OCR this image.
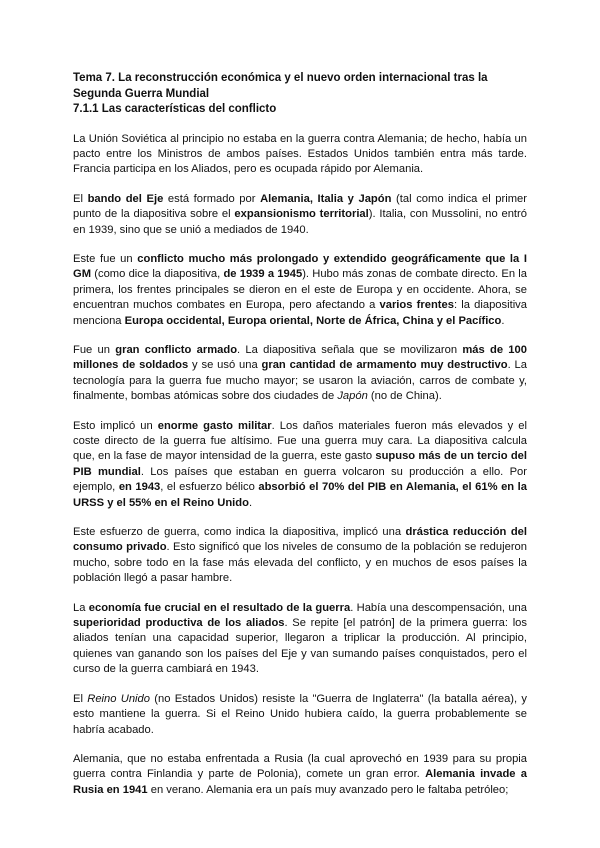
Tema 7. La reconstrucción económica y el nuevo orden internacional tras la Segunda Guerra Mundial

7.1.1 Las características del conflicto

La Unión Soviética al principio no estaba en la guerra contra Alemania; de hecho, había un pacto entre los Ministros de ambos países. Estados Unidos también entra más tarde. Francia participa en los Aliados, pero es ocupada rápido por Alemania.

El bando del Eje está formado por Alemania, Italia y Japón (tal como indica el primer punto de la diapositiva sobre el expansionismo territorial). Italia, con Mussolini, no entró en 1939, sino que se unió a mediados de 1940.

Este fue un conflicto mucho más prolongado y extendido geográficamente que la I GM (como dice la diapositiva, de 1939 a 1945). Hubo más zonas de combate directo. En la primera, los frentes principales se dieron en el este de Europa y en occidente. Ahora, se encuentran muchos combates en Europa, pero afectando a varios frentes: la diapositiva menciona Europa occidental, Europa oriental, Norte de África, China y el Pacífico.

Fue un gran conflicto armado. La diapositiva señala que se movilizaron más de 100 millones de soldados y se usó una gran cantidad de armamento muy destructivo. La tecnología para la guerra fue mucho mayor; se usaron la aviación, carros de combate y, finalmente, bombas atómicas sobre dos ciudades de Japón (no de China).

Esto implicó un enorme gasto militar. Los daños materiales fueron más elevados y el coste directo de la guerra fue altísimo. Fue una guerra muy cara. La diapositiva calcula que, en la fase de mayor intensidad de la guerra, este gasto supuso más de un tercio del PIB mundial. Los países que estaban en guerra volcaron su producción a ello. Por ejemplo, en 1943, el esfuerzo bélico absorbió el 70% del PIB en Alemania, el 61% en la URSS y el 55% en el Reino Unido.

Este esfuerzo de guerra, como indica la diapositiva, implicó una drástica reducción del consumo privado. Esto significó que los niveles de consumo de la población se redujeron mucho, sobre todo en la fase más elevada del conflicto, y en muchos de esos países la población llegó a pasar hambre.

La economía fue crucial en el resultado de la guerra. Había una descompensación, una superioridad productiva de los aliados. Se repite [el patrón] de la primera guerra: los aliados tenían una capacidad superior, llegaron a triplicar la producción. Al principio, quienes van ganando son los países del Eje y van sumando países conquistados, pero el curso de la guerra cambiará en 1943.

El Reino Unido (no Estados Unidos) resiste la "Guerra de Inglaterra" (la batalla aérea), y esto mantiene la guerra. Si el Reino Unido hubiera caído, la guerra probablemente se habría acabado.

Alemania, que no estaba enfrentada a Rusia (la cual aprovechó en 1939 para su propia guerra contra Finlandia y parte de Polonia), comete un gran error. Alemania invade a Rusia en 1941 en verano. Alemania era un país muy avanzado pero le faltaba petróleo;
